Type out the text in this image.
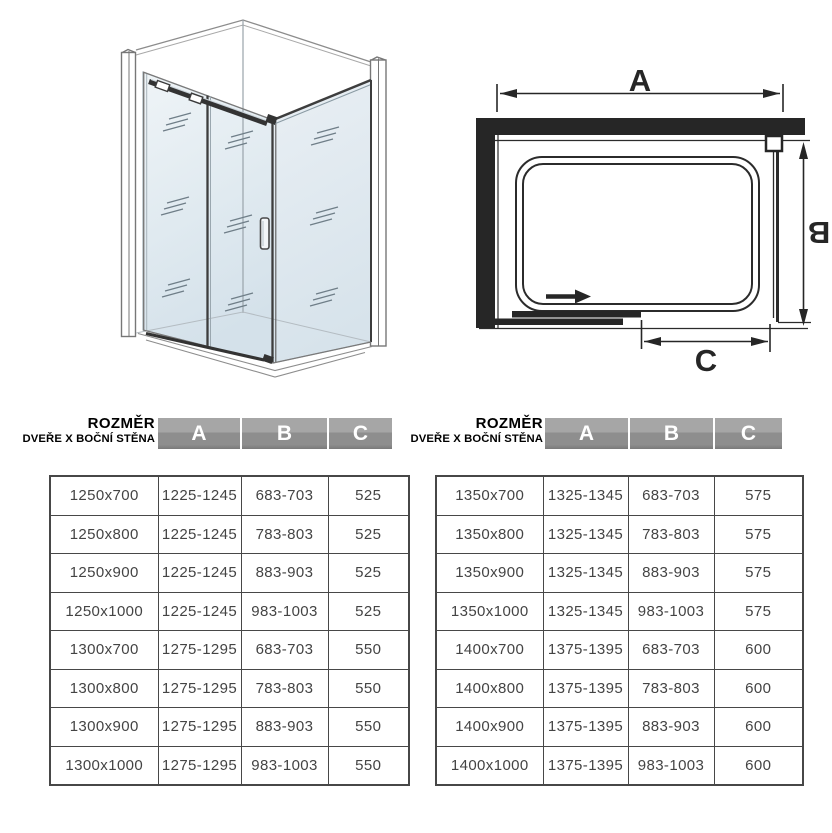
A
B
C
ROZMĚR
DVEŘE X BOČNÍ STĚNA	A	B	C
1250x700	1225-1245	683-703	525
1250x800	1225-1245	783-803	525
1250x900	1225-1245	883-903	525
1250x1000	1225-1245	983-1003	525
1300x700	1275-1295	683-703	550
1300x800	1275-1295	783-803	550
1300x900	1275-1295	883-903	550
1300x1000	1275-1295	983-1003	550
ROZMĚR
DVEŘE X BOČNÍ STĚNA	A	B	C
1350x700	1325-1345	683-703	575
1350x800	1325-1345	783-803	575
1350x900	1325-1345	883-903	575
1350x1000	1325-1345	983-1003	575
1400x700	1375-1395	683-703	600
1400x800	1375-1395	783-803	600
1400x900	1375-1395	883-903	600
1400x1000	1375-1395	983-1003	600
